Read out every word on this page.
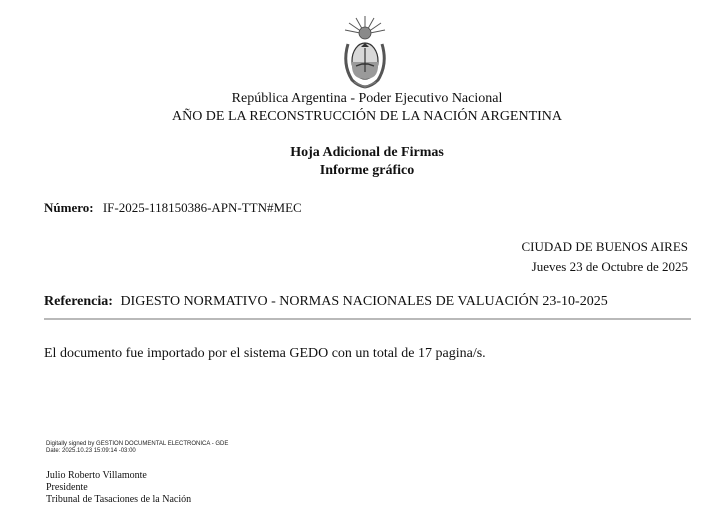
República Argentina - Poder Ejecutivo Nacional
AÑO DE LA RECONSTRUCCIÓN DE LA NACIÓN ARGENTINA
Hoja Adicional de Firmas
Informe gráfico
Número: IF-2025-118150386-APN-TTN#MEC
CIUDAD DE BUENOS AIRES
Jueves 23 de Octubre de 2025
Referencia: DIGESTO NORMATIVO - NORMAS NACIONALES DE VALUACIÓN 23-10-2025
El documento fue importado por el sistema GEDO con un total de 17 pagina/s.
Digitally signed by GESTION DOCUMENTAL ELECTRONICA - GDE
Date: 2025.10.23 15:09:14 -03:00
Julio Roberto Villamonte
Presidente
Tribunal de Tasaciones de la Nación
